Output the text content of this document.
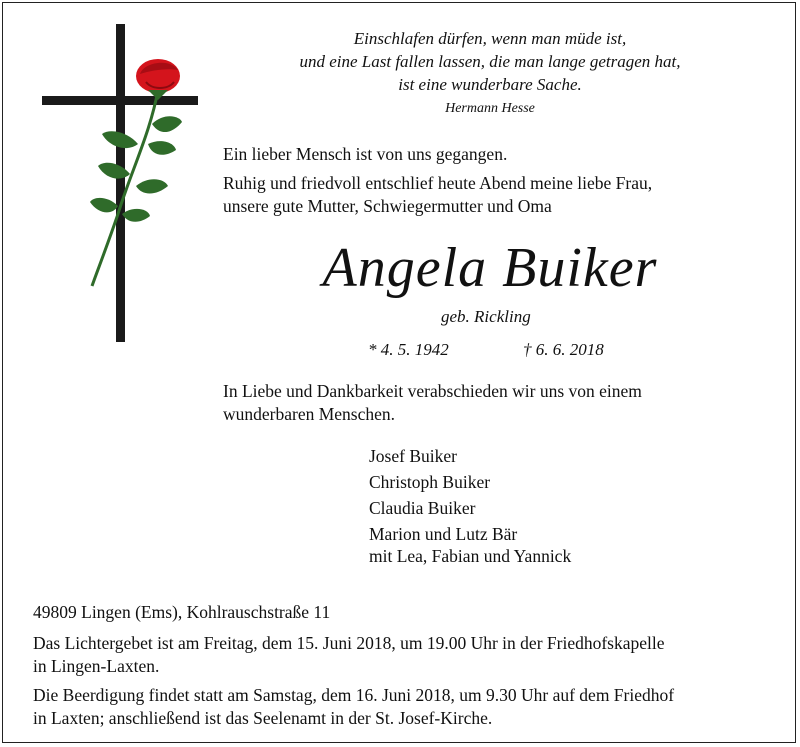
Einschlafen dürfen, wenn man müde ist,
und eine Last fallen lassen, die man lange getragen hat,
ist eine wunderbare Sache.
Hermann Hesse
Ein lieber Mensch ist von uns gegangen.
Ruhig und friedvoll entschlief heute Abend meine liebe Frau,
unsere gute Mutter, Schwiegermutter und Oma
Angela Buiker
geb. Rickling
* 4. 5. 1942	† 6. 6. 2018
In Liebe und Dankbarkeit verabschieden wir uns von einem
wunderbaren Menschen.
Josef Buiker
Christoph Buiker
Claudia Buiker
Marion und Lutz Bär
mit Lea, Fabian und Yannick
49809 Lingen (Ems), Kohlrauschstraße 11
Das Lichtergebet ist am Freitag, dem 15. Juni 2018, um 19.00 Uhr in der Friedhofskapelle
in Lingen-Laxten.
Die Beerdigung findet statt am Samstag, dem 16. Juni 2018, um 9.30 Uhr auf dem Friedhof
in Laxten; anschließend ist das Seelenamt in der St. Josef-Kirche.
